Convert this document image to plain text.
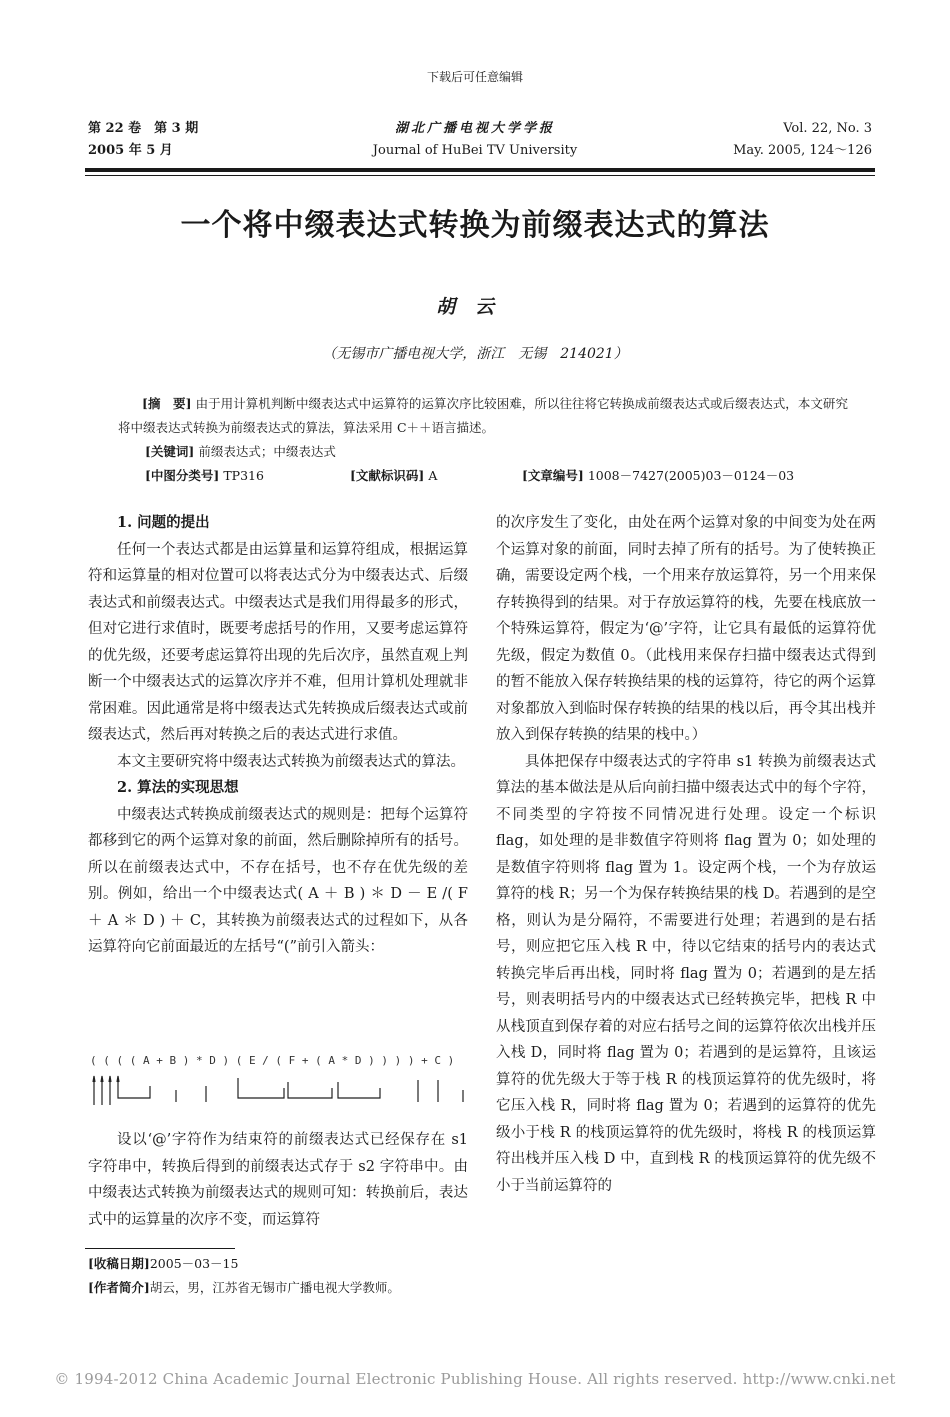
下载后可任意编辑
第 22 卷　第 3 期
2005 年 5 月
湖北广播电视大学学报
Journal of HuBei TV University
Vol. 22, No. 3
May. 2005, 124～126
一个将中缀表达式转换为前缀表达式的算法
胡云
（无锡市广播电视大学，浙江　无锡　214021）
[摘　要] 由于用计算机判断中缀表达式中运算符的运算次序比较困难，所以往往将它转换成前缀表达式或后缀表达式，本文研究将中缀表达式转换为前缀表达式的算法，算法采用 C＋＋语言描述。
[关键词] 前缀表达式；中缀表达式
[中图分类号] TP316	[文献标识码] A	[文章编号] 1008－7427(2005)03－0124－03

1. 问题的提出

任何一个表达式都是由运算量和运算符组成，根据运算符和运算量的相对位置可以将表达式分为中缀表达式、后缀表达式和前缀表达式。中缀表达式是我们用得最多的形式，但对它进行求值时，既要考虑括号的作用，又要考虑运算符的优先级，还要考虑运算符出现的先后次序，虽然直观上判断一个中缀表达式的运算次序并不难，但用计算机处理就非常困难。因此通常是将中缀表达式先转换成后缀表达式或前缀表达式，然后再对转换之后的表达式进行求值。

本文主要研究将中缀表达式转换为前缀表达式的算法。

2. 算法的实现思想

中缀表达式转换成前缀表达式的规则是：把每个运算符都移到它的两个运算对象的前面，然后删除掉所有的括号。所以在前缀表达式中，不存在括号，也不存在优先级的差别。例如，给出一个中缀表达式( A ＋ B ) ＊ D － E /( F ＋ A ＊ D ) ＋ C，其转换为前缀表达式的过程如下，从各运算符向它前面最近的左括号“(”前引入箭头：

( ( ( ( A + B ) * D ) ( E / ( F + ( A * D ) ) ) ) + C )

设以‘@’字符作为结束符的前缀表达式已经保存在 s1 字符串中，转换后得到的前缀表达式存于 s2 字符串中。由中缀表达式转换为前缀表达式的规则可知：转换前后，表达式中的运算量的次序不变，而运算符

的次序发生了变化，由处在两个运算对象的中间变为处在两个运算对象的前面，同时去掉了所有的括号。为了使转换正确，需要设定两个栈，一个用来存放运算符，另一个用来保存转换得到的结果。对于存放运算符的栈，先要在栈底放一个特殊运算符，假定为‘@’字符，让它具有最低的运算符优先级，假定为数值 0。（此栈用来保存扫描中缀表达式得到的暂不能放入保存转换结果的栈的运算符，待它的两个运算对象都放入到临时保存转换的结果的栈以后，再令其出栈并放入到保存转换的结果的栈中。）

具体把保存中缀表达式的字符串 s1 转换为前缀表达式算法的基本做法是从后向前扫描中缀表达式中的每个字符，不同类型的字符按不同情况进行处理。设定一个标识 flag，如处理的是非数值字符则将 flag 置为 0；如处理的是数值字符则将 flag 置为 1。设定两个栈，一个为存放运算符的栈 R；另一个为保存转换结果的栈 D。若遇到的是空格，则认为是分隔符，不需要进行处理；若遇到的是右括号，则应把它压入栈 R 中，待以它结束的括号内的表达式转换完毕后再出栈，同时将 flag 置为 0；若遇到的是左括号，则表明括号内的中缀表达式已经转换完毕，把栈 R 中从栈顶直到保存着的对应右括号之间的运算符依次出栈并压入栈 D，同时将 flag 置为 0；若遇到的是运算符，且该运算符的优先级大于等于栈 R 的栈顶运算符的优先级时，将它压入栈 R，同时将 flag 置为 0；若遇到的运算符的优先级小于栈 R 的栈顶运算符的优先级时，将栈 R 的栈顶运算符出栈并压入栈 D 中，直到栈 R 的栈顶运算符的优先级不小于当前运算符的

[收稿日期]2005－03－15
[作者简介]胡云，男，江苏省无锡市广播电视大学教师。
© 1994-2012 China Academic Journal Electronic Publishing House. All rights reserved. http://www.cnki.net
